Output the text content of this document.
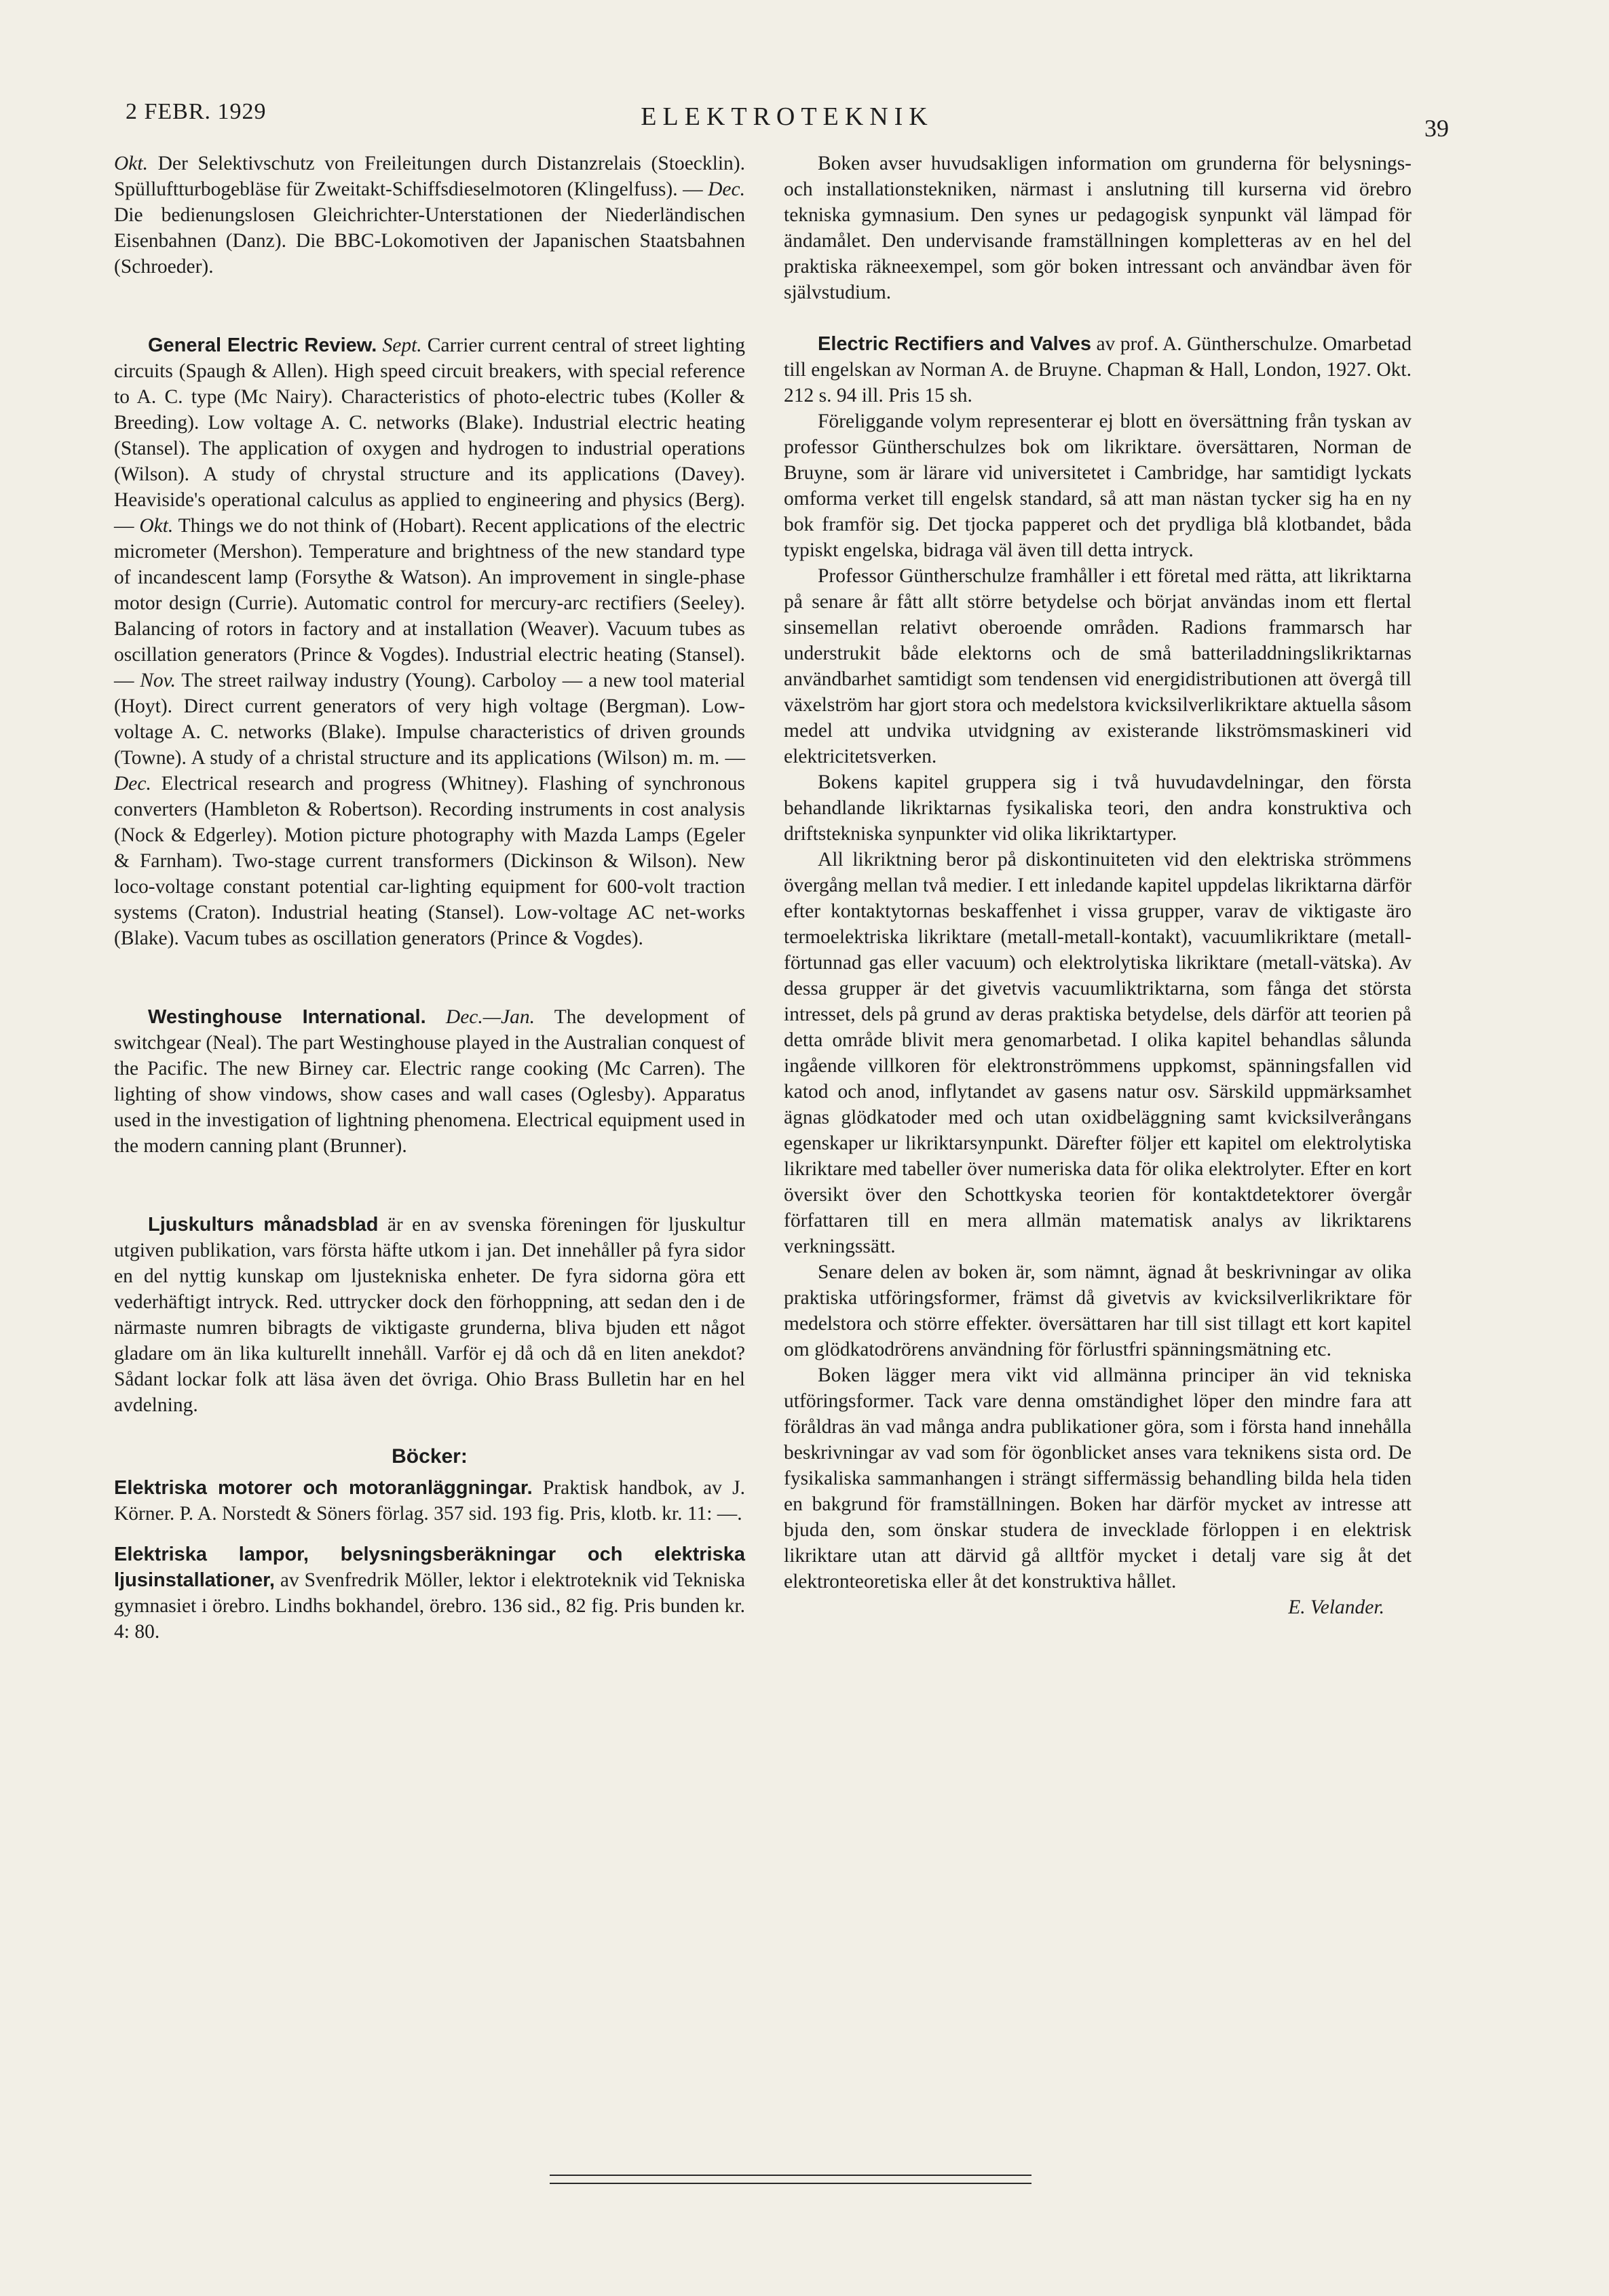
2 FEBR. 1929	ELEKTROTEKNIK	39

Okt. Der Selektivschutz von Freileitungen durch Distanzrelais (Stoecklin). Spülluftturbogebläse für Zweitakt-Schiffsdieselmotoren (Klingelfuss). — Dec. Die bedienungslosen Gleichrichter-Unterstationen der Niederländischen Eisenbahnen (Danz). Die BBC-Lokomotiven der Japanischen Staatsbahnen (Schroeder).

General Electric Review. Sept. Carrier current central of street lighting circuits (Spaugh & Allen). High speed circuit breakers, with special reference to A. C. type (Mc Nairy). Characteristics of photo-electric tubes (Koller & Breeding). Low voltage A. C. networks (Blake). Industrial electric heating (Stansel). The application of oxygen and hydrogen to industrial operations (Wilson). A study of chrystal structure and its applications (Davey). Heaviside's operational calculus as applied to engineering and physics (Berg). — Okt. Things we do not think of (Hobart). Recent applications of the electric micrometer (Mershon). Temperature and brightness of the new standard type of incandescent lamp (Forsythe & Watson). An improvement in single-phase motor design (Currie). Automatic control for mercury-arc rectifiers (Seeley). Balancing of rotors in factory and at installation (Weaver). Vacuum tubes as oscillation generators (Prince & Vogdes). Industrial electric heating (Stansel). — Nov. The street railway industry (Young). Carboloy — a new tool material (Hoyt). Direct current generators of very high voltage (Bergman). Low-voltage A. C. networks (Blake). Impulse characteristics of driven grounds (Towne). A study of a christal structure and its applications (Wilson) m. m. — Dec. Electrical research and progress (Whitney). Flashing of synchronous converters (Hambleton & Robertson). Recording instruments in cost analysis (Nock & Edgerley). Motion picture photography with Mazda Lamps (Egeler & Farnham). Two-stage current transformers (Dickinson & Wilson). New loco-voltage constant potential car-lighting equipment for 600-volt traction systems (Craton). Industrial heating (Stansel). Low-voltage AC net-works (Blake). Vacum tubes as oscillation generators (Prince & Vogdes).

Westinghouse International. Dec.—Jan. The development of switchgear (Neal). The part Westinghouse played in the Australian conquest of the Pacific. The new Birney car. Electric range cooking (Mc Carren). The lighting of show vindows, show cases and wall cases (Oglesby). Apparatus used in the investigation of lightning phenomena. Electrical equipment used in the modern canning plant (Brunner).

Ljuskulturs månadsblad är en av svenska föreningen för ljuskultur utgiven publikation, vars första häfte utkom i jan. Det innehåller på fyra sidor en del nyttig kunskap om ljustekniska enheter. De fyra sidorna göra ett vederhäftigt intryck. Red. uttrycker dock den förhoppning, att sedan den i de närmaste numren bibragts de viktigaste grunderna, bliva bjuden ett något gladare om än lika kulturellt innehåll. Varför ej då och då en liten anekdot? Sådant lockar folk att läsa även det övriga. Ohio Brass Bulletin har en hel avdelning.

Böcker:

Elektriska motorer och motoranläggningar. Praktisk handbok, av J. Körner. P. A. Norstedt & Söners förlag. 357 sid. 193 fig. Pris, klotb. kr. 11: —.

Elektriska lampor, belysningsberäkningar och elektriska ljusinstallationer, av Svenfredrik Möller, lektor i elektroteknik vid Tekniska gymnasiet i örebro. Lindhs bokhandel, örebro. 136 sid., 82 fig. Pris bunden kr. 4: 80.

Boken avser huvudsakligen information om grunderna för belysnings- och installationstekniken, närmast i anslutning till kurserna vid örebro tekniska gymnasium. Den synes ur pedagogisk synpunkt väl lämpad för ändamålet. Den undervisande framställningen kompletteras av en hel del praktiska räkneexempel, som gör boken intressant och användbar även för självstudium.

Electric Rectifiers and Valves av prof. A. Güntherschulze. Omarbetad till engelskan av Norman A. de Bruyne. Chapman & Hall, London, 1927. Okt. 212 s. 94 ill. Pris 15 sh.

Föreliggande volym representerar ej blott en översättning från tyskan av professor Güntherschulzes bok om likriktare. översättaren, Norman de Bruyne, som är lärare vid universitetet i Cambridge, har samtidigt lyckats omforma verket till engelsk standard, så att man nästan tycker sig ha en ny bok framför sig. Det tjocka papperet och det prydliga blå klotbandet, båda typiskt engelska, bidraga väl även till detta intryck.

Professor Güntherschulze framhåller i ett företal med rätta, att likriktarna på senare år fått allt större betydelse och börjat användas inom ett flertal sinsemellan relativt oberoende områden. Radions frammarsch har understrukit både elektorns och de små batteriladdningslikriktarnas användbarhet samtidigt som tendensen vid energidistributionen att övergå till växelström har gjort stora och medelstora kvicksilverlikriktare aktuella såsom medel att undvika utvidgning av existerande likströmsmaskineri vid elektricitetsverken.

Bokens kapitel gruppera sig i två huvudavdelningar, den första behandlande likriktarnas fysikaliska teori, den andra konstruktiva och driftstekniska synpunkter vid olika likriktartyper.

All likriktning beror på diskontinuiteten vid den elektriska strömmens övergång mellan två medier. I ett inledande kapitel uppdelas likriktarna därför efter kontaktytornas beskaffenhet i vissa grupper, varav de viktigaste äro termoelektriska likriktare (metall-metall-kontakt), vacuumlikriktare (metall-förtunnad gas eller vacuum) och elektrolytiska likriktare (metall-vätska). Av dessa grupper är det givetvis vacuumliktriktarna, som fånga det största intresset, dels på grund av deras praktiska betydelse, dels därför att teorien på detta område blivit mera genomarbetad. I olika kapitel behandlas sålunda ingående villkoren för elektronströmmens uppkomst, spänningsfallen vid katod och anod, inflytandet av gasens natur osv. Särskild uppmärksamhet ägnas glödkatoder med och utan oxidbeläggning samt kvicksilverångans egenskaper ur likriktarsynpunkt. Därefter följer ett kapitel om elektrolytiska likriktare med tabeller över numeriska data för olika elektrolyter. Efter en kort översikt över den Schottkyska teorien för kontaktdetektorer övergår författaren till en mera allmän matematisk analys av likriktarens verkningssätt.

Senare delen av boken är, som nämnt, ägnad åt beskrivningar av olika praktiska utföringsformer, främst då givetvis av kvicksilverlikriktare för medelstora och större effekter. översättaren har till sist tillagt ett kort kapitel om glödkatodrörens användning för förlustfri spänningsmätning etc.

Boken lägger mera vikt vid allmänna principer än vid tekniska utföringsformer. Tack vare denna omständighet löper den mindre fara att föråldras än vad många andra publikationer göra, som i första hand innehålla beskrivningar av vad som för ögonblicket anses vara teknikens sista ord. De fysikaliska sammanhangen i strängt siffermässig behandling bilda hela tiden en bakgrund för framställningen. Boken har därför mycket av intresse att bjuda den, som önskar studera de invecklade förloppen i en elektrisk likriktare utan att därvid gå alltför mycket i detalj vare sig åt det elektronteoretiska eller åt det konstruktiva hållet.

E. Velander.
